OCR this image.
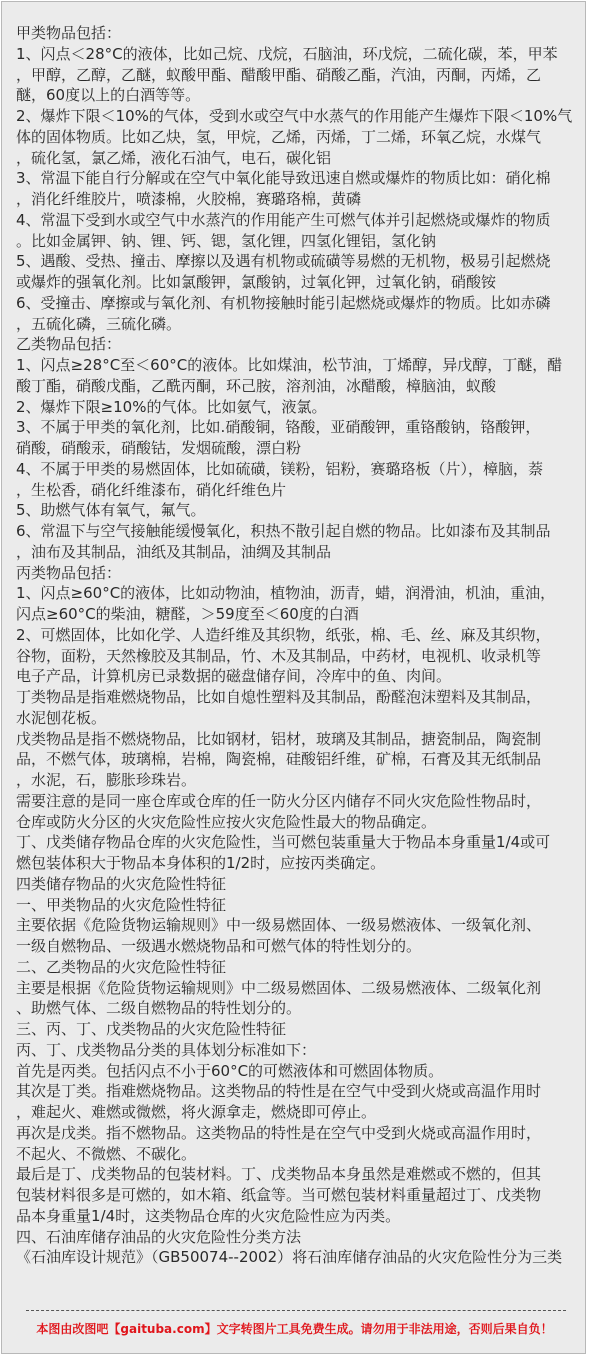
甲类物品包括：
1、闪点＜28°C的液体，比如己烷、戊烷，石脑油，环戊烷，二硫化碳，苯，甲苯
，甲醇，乙醇，乙醚，蚁酸甲酯、醋酸甲酯、硝酸乙酯，汽油，丙酮，丙烯，乙
醚，60度以上的白酒等等。
2、爆炸下限＜10%的气体，受到水或空气中水蒸气的作用能产生爆炸下限＜10%气
体的固体物质。比如乙炔，氢，甲烷，乙烯，丙烯，丁二烯，环氧乙烷，水煤气
，硫化氢，氯乙烯，液化石油气，电石，碳化铝
3、常温下能自行分解或在空气中氧化能导致迅速自燃或爆炸的物质比如：硝化棉
，消化纤维胶片，喷漆棉，火胶棉，赛璐珞棉，黄磷
4、常温下受到水或空气中水蒸汽的作用能产生可燃气体并引起燃烧或爆炸的物质
。比如金属钾、钠、锂、钙、锶，氢化锂，四氢化锂铝，氢化钠
5、遇酸、受热、撞击、摩擦以及遇有机物或硫磺等易燃的无机物，极易引起燃烧
或爆炸的强氧化剂。比如氯酸钾，氯酸钠，过氧化钾，过氧化钠，硝酸铵
6、受撞击、摩擦或与氧化剂、有机物接触时能引起燃烧或爆炸的物质。比如赤磷
，五硫化磷，三硫化磷。
乙类物品包括：
1、闪点≥28°C至＜60°C的液体。比如煤油，松节油，丁烯醇，异戊醇，丁醚，醋
酸丁酯，硝酸戊酯，乙酰丙酮，环己胺，溶剂油，冰醋酸，樟脑油，蚁酸
2、爆炸下限≥10%的气体。比如氨气，液氯。
3、不属于甲类的氧化剂，比如.硝酸铜，铬酸，亚硝酸钾，重铬酸钠，铬酸钾，
硝酸，硝酸汞，硝酸钴，发烟硫酸，漂白粉
4、不属于甲类的易燃固体，比如硫磺，镁粉，铝粉，赛璐珞板（片），樟脑，萘
，生松香，硝化纤维漆布，硝化纤维色片
5、助燃气体有氧气，氟气。
6、常温下与空气接触能缓慢氧化，积热不散引起自燃的物品。比如漆布及其制品
，油布及其制品，油纸及其制品，油绸及其制品
丙类物品包括：
1、闪点≥60°C的液体，比如动物油，植物油，沥青，蜡，润滑油，机油，重油，
闪点≥60°C的柴油，糖醛，＞59度至＜60度的白酒
2、可燃固体，比如化学、人造纤维及其织物，纸张，棉、毛、丝、麻及其织物，
谷物，面粉，天然橡胶及其制品，竹、木及其制品，中药材，电视机、收录机等
电子产品，计算机房已录数据的磁盘储存间，冷库中的鱼、肉间。
丁类物品是指难燃烧物品，比如自熄性塑料及其制品，酚醛泡沫塑料及其制品，
水泥刨花板。
戊类物品是指不燃烧物品，比如钢材，铝材，玻璃及其制品，搪瓷制品，陶瓷制
品，不燃气体，玻璃棉，岩棉，陶瓷棉，硅酸铝纤维，矿棉，石膏及其无纸制品
，水泥，石，膨胀珍珠岩。
需要注意的是同一座仓库或仓库的任一防火分区内储存不同火灾危险性物品时，
仓库或防火分区的火灾危险性应按火灾危险性最大的物品确定。
丁、戊类储存物品仓库的火灾危险性，当可燃包装重量大于物品本身重量1/4或可
燃包装体积大于物品本身体积的1/2时，应按丙类确定。
四类储存物品的火灾危险性特征
一、甲类物品的火灾危险性特征
主要依据《危险货物运输规则》中一级易燃固体、一级易燃液体、一级氧化剂、
一级自燃物品、一级遇水燃烧物品和可燃气体的特性划分的。
二、乙类物品的火灾危险性特征
主要是根据《危险货物运输规则》中二级易燃固体、二级易燃液体、二级氧化剂
、助燃气体、二级自燃物品的特性划分的。
三、丙、丁、戊类物品的火灾危险性特征
丙、丁、戊类物品分类的具体划分标准如下：
首先是丙类。包括闪点不小于60°C的可燃液体和可燃固体物质。
其次是丁类。指难燃烧物品。这类物品的特性是在空气中受到火烧或高温作用时
，难起火、难燃或微燃，将火源拿走，燃烧即可停止。
再次是戊类。指不燃物品。这类物品的特性是在空气中受到火烧或高温作用时，
不起火、不微燃、不碳化。
最后是丁、戊类物品的包装材料。丁、戊类物品本身虽然是难燃或不燃的，但其
包装材料很多是可燃的，如木箱、纸盒等。当可燃包装材料重量超过丁、戊类物
品本身重量1/4时，这类物品仓库的火灾危险性应为丙类。
四、石油库储存油品的火灾危险性分类方法
《石油库设计规范》（GB50074--2002）将石油库储存油品的火灾危险性分为三类
本图由改图吧【gaituba.com】文字转图片工具免费生成。请勿用于非法用途，否则后果自负！
